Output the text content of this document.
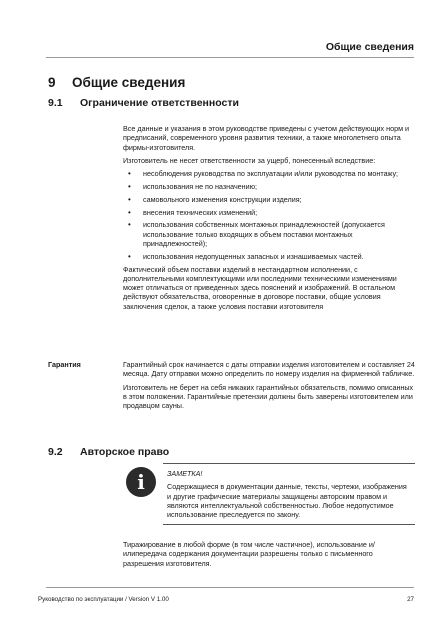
Общие сведения
9 Общие сведения
9.1 Ограничение ответственности

Все данные и указания в этом руководстве приведены с учетом действующих норм и предписаний, современного уровня развития техники, а также многолетнего опыта фирмы-изготовителя.

Изготовитель не несет ответственности за ущерб, понесенный вследствие:

• несоблюдения руководства по эксплуатации и/или руководства по монтажу;
• использования не по назначению;
• самовольного изменения конструкции изделия;
• внесения технических изменений;
• использования собственных монтажных принадлежностей (допускается использование только входящих в объем поставки монтажных принадлежностей);
• использования недопущенных запасных и изнашиваемых частей.

Фактический объем поставки изделий в нестандартном исполнении, с дополнительными комплектующими или последними техническими изменениями может отличаться от приведенных здесь пояснений и изображений. В остальном действуют обязательства, оговоренные в договоре поставки, общие условия заключения сделок, а также условия поставки изготовителя

Гарантия	Гарантийный срок начинается с даты отправки изделия изготовителем и составляет 24 месяца. Дату отправки можно определить по номеру изделия на фирменной табличке.

Изготовитель не берет на себя никаких гарантийных обязательств, помимо описанных в этом положении. Гарантийные претензии должны быть заверены изготовителем или продавцом сауны.

9.2 Авторское право
i	ЗАМЕТКА!
Содержащиеся в документации данные, тексты, чертежи, изображения и другие графические материалы защищены авторским правом и являются интеллектуальной собственностью. Любое недопустимое использование преследуется по закону.

Тиражирование в любой форме (в том числе частичное), использование и/илипередача содержания документации разрешены только с письменного разрешения изготовителя.

Руководство по эксплуатации / Version V 1.00	27
